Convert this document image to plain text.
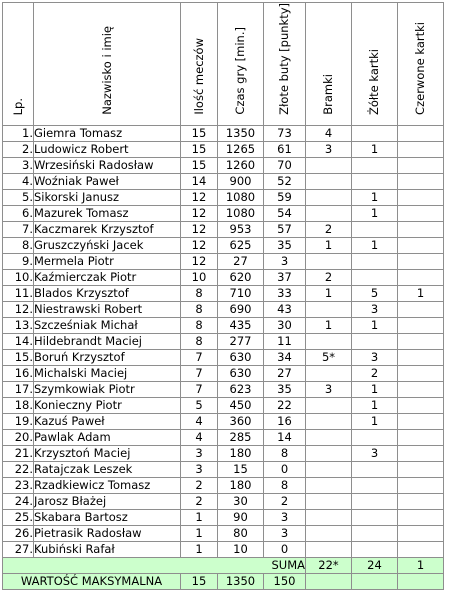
Lp.	Nazwisko i imię	Ilość meczów	Czas gry [min.]	Złote buty [punkty]	Bramki	Żółte kartki	Czerwone kartki
1.	Giemra Tomasz	15	1350	73	4		
2.	Ludowicz Robert	15	1265	61	3	1	
3.	Wrzesiński Radosław	15	1260	70			
4.	Woźniak Paweł	14	900	52			
5.	Sikorski Janusz	12	1080	59		1	
6.	Mazurek Tomasz	12	1080	54		1	
7.	Kaczmarek Krzysztof	12	953	57	2		
8.	Gruszczyński Jacek	12	625	35	1	1	
9.	Mermela Piotr	12	27	3			
10.	Kaźmierczak Piotr	10	620	37	2		
11.	Blados Krzysztof	8	710	33	1	5	1
12.	Niestrawski Robert	8	690	43		3	
13.	Szcześniak Michał	8	435	30	1	1	
14.	Hildebrandt Maciej	8	277	11			
15.	Boruń Krzysztof	7	630	34	5*	3	
16.	Michalski Maciej	7	630	27		2	
17.	Szymkowiak Piotr	7	623	35	3	1	
18.	Konieczny Piotr	5	450	22		1	
19.	Kazuś Paweł	4	360	16		1	
20.	Pawlak Adam	4	285	14			
21.	Krzysztoń Maciej	3	180	8		3	
22.	Ratajczak Leszek	3	15	0			
23.	Rzadkiewicz Tomasz	2	180	8			
24.	Jarosz Błażej	2	30	2			
25.	Skabara Bartosz	1	90	3			
26.	Pietrasik Radosław	1	80	3			
27.	Kubiński Rafał	1	10	0			
SUMA					22*	24	1
WARTOŚĆ MAKSYMALNA		15	1350	150			
